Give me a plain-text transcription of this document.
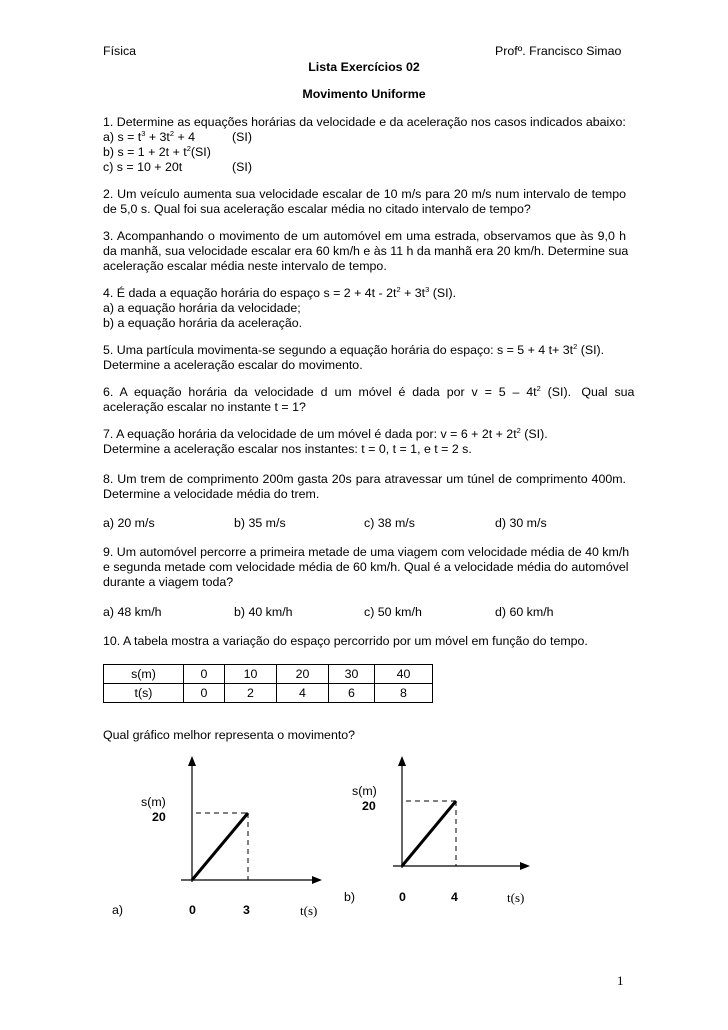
Física	Profº. Francisco Simao
Lista Exercícios 02
Movimento Uniforme
1. Determine as equações horárias da velocidade e da aceleração nos casos indicados abaixo:
a) $s = t^3 + 3t^2 + 4$	(SI)
b) $s = 1 + 2t + t^2(SI)$
c) s = 10 + 20t	(SI)
2. Um veículo aumenta sua velocidade escalar de 10 m/s para 20 m/s num intervalo de tempo
de 5,0 s. Qual foi sua aceleração escalar média no citado intervalo de tempo?
3. Acompanhando o movimento de um automóvel em uma estrada, observamos que às 9,0 h
da manhã, sua velocidade escalar era 60 km/h e às 11 h da manhã era 20 km/h. Determine sua
aceleração escalar média neste intervalo de tempo.
4. É dada a equação horária do espaço $s = 2 + 4t - 2t^2 + 3t^3$ (SI).
a) a equação horária da velocidade;
b) a equação horária da aceleração.
5. Uma partícula movimenta-se segundo a equação horária do espaço: s = 5 + 4 $t+ 3t^2$ (SI).
Determine a aceleração escalar do movimento.
6.  A  equação  horária  da  velocidade  d  um  móvel  é  dada  por  $v = 5 - 4t^2$  (SI).   Qual  sua
aceleração escalar no instante t = 1?
7. A equação horária da velocidade de um móvel é dada por: $v = 6 + 2t + 2t^2$ (SI).
Determine a aceleração escalar nos instantes: t = 0, t = 1, e t = 2 s.
8. Um trem de comprimento 200m gasta 20s para atravessar um túnel de comprimento 400m.
Determine a velocidade média do trem.
a) 20 m/s	b) 35 m/s	c) 38 m/s	d) 30 m/s
9. Um automóvel percorre a primeira metade de uma viagem com velocidade média de 40 km/h
e segunda metade com velocidade média de 60 km/h. Qual é a velocidade média do automóvel
durante a viagem toda?
a) 48 km/h	b) 40 km/h	c) 50 km/h	d) 60 km/h
10. A tabela mostra a variação do espaço percorrido por um móvel em função do tempo.
s(m)	0	10	20	30	40
t(s)	0	2	4	6	8
Qual gráfico melhor representa o movimento?
s(m)
20
a)	0	3	t(s)
s(m)
20
b)	0	4	t(s)
1
